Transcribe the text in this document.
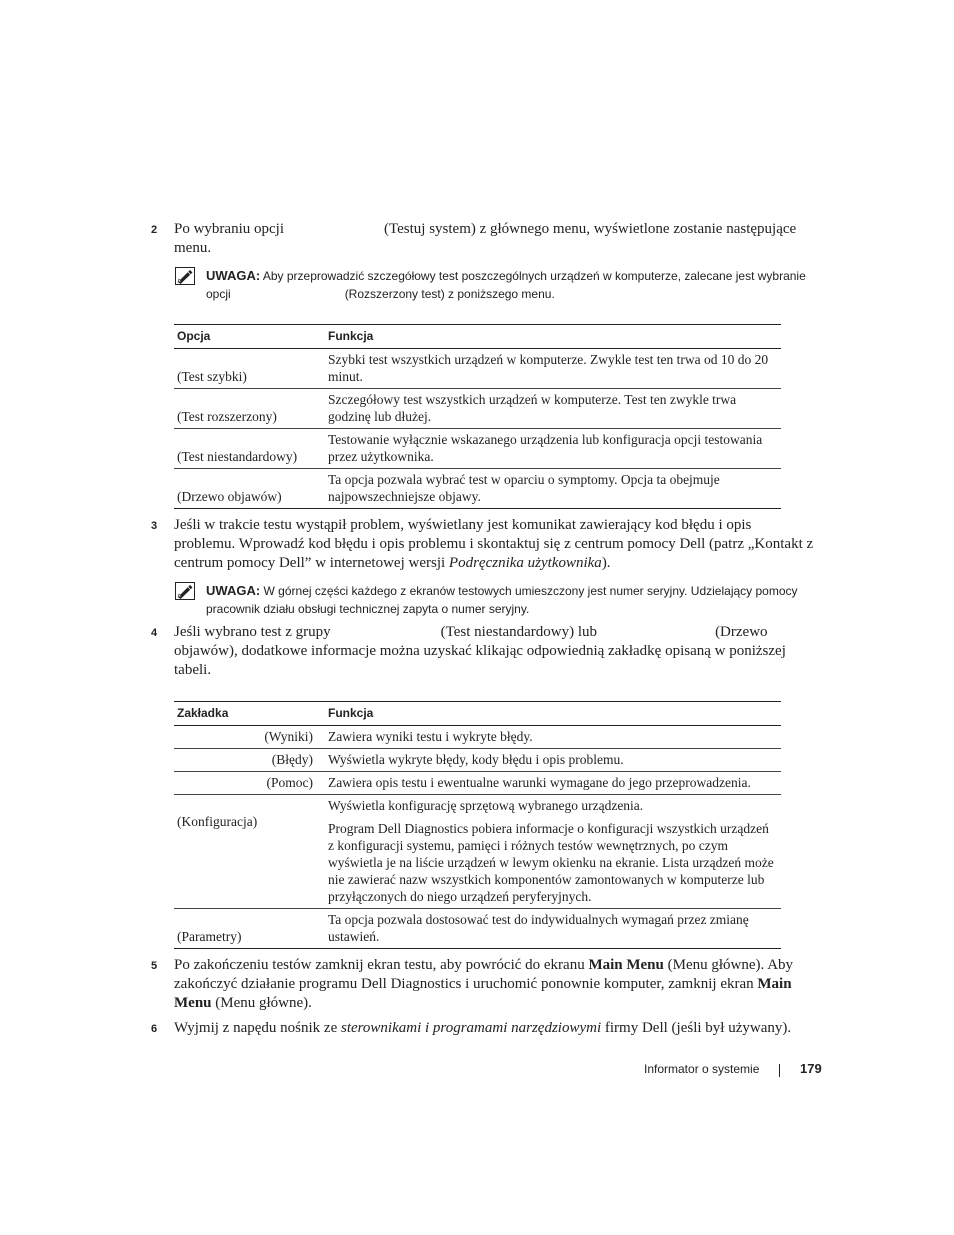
2 Po wybraniu opcji	(Testuj system) z głównego menu, wyświetlone zostanie następujące menu.

UWAGA: Aby przeprowadzić szczegółowy test poszczególnych urządzeń w komputerze, zalecane jest wybranie opcji	(Rozszerzony test) z poniższego menu.

Opcja	Funkcja
(Test szybki)	Szybki test wszystkich urządzeń w komputerze. Zwykle test ten trwa od 10 do 20 minut.
(Test rozszerzony)	Szczegółowy test wszystkich urządzeń w komputerze. Test ten zwykle trwa godzinę lub dłużej.
(Test niestandardowy)	Testowanie wyłącznie wskazanego urządzenia lub konfiguracja opcji testowania przez użytkownika.
(Drzewo objawów)	Ta opcja pozwala wybrać test w oparciu o symptomy. Opcja ta obejmuje najpowszechniejsze objawy.
3 Jeśli w trakcie testu wystąpił problem, wyświetlany jest komunikat zawierający kod błędu i opis problemu. Wprowadź kod błędu i opis problemu i skontaktuj się z centrum pomocy Dell (patrz „Kontakt z centrum pomocy Dell” w internetowej wersji Podręcznika użytkownika).

UWAGA: W górnej części każdego z ekranów testowych umieszczony jest numer seryjny. Udzielający pomocy pracownik działu obsługi technicznej zapyta o numer seryjny.

4 Jeśli wybrano test z grupy	(Test niestandardowy) lub	(Drzewo objawów), dodatkowe informacje można uzyskać klikając odpowiednią zakładkę opisaną w poniższej tabeli.

Zakładka	Funkcja
(Wyniki)	Zawiera wyniki testu i wykryte błędy.
(Błędy)	Wyświetla wykryte błędy, kody błędu i opis problemu.
(Pomoc)	Zawiera opis testu i ewentualne warunki wymagane do jego przeprowadzenia.
(Konfiguracja)	Wyświetla konfigurację sprzętową wybranego urządzenia.
Program Dell Diagnostics pobiera informacje o konfiguracji wszystkich urządzeń z konfiguracji systemu, pamięci i różnych testów wewnętrznych, po czym wyświetla je na liście urządzeń w lewym okienku na ekranie. Lista urządzeń może nie zawierać nazw wszystkich komponentów zamontowanych w komputerze lub przyłączonych do niego urządzeń peryferyjnych.

(Parametry)	Ta opcja pozwala dostosować test do indywidualnych wymagań przez zmianę ustawień.
5 Po zakończeniu testów zamknij ekran testu, aby powrócić do ekranu Main Menu (Menu główne). Aby zakończyć działanie programu Dell Diagnostics i uruchomić ponownie komputer, zamknij ekran Main Menu (Menu główne).

6 Wyjmij z napędu nośnik ze sterownikami i programami narzędziowymi firmy Dell (jeśli był używany).

Informator o systemie	179
